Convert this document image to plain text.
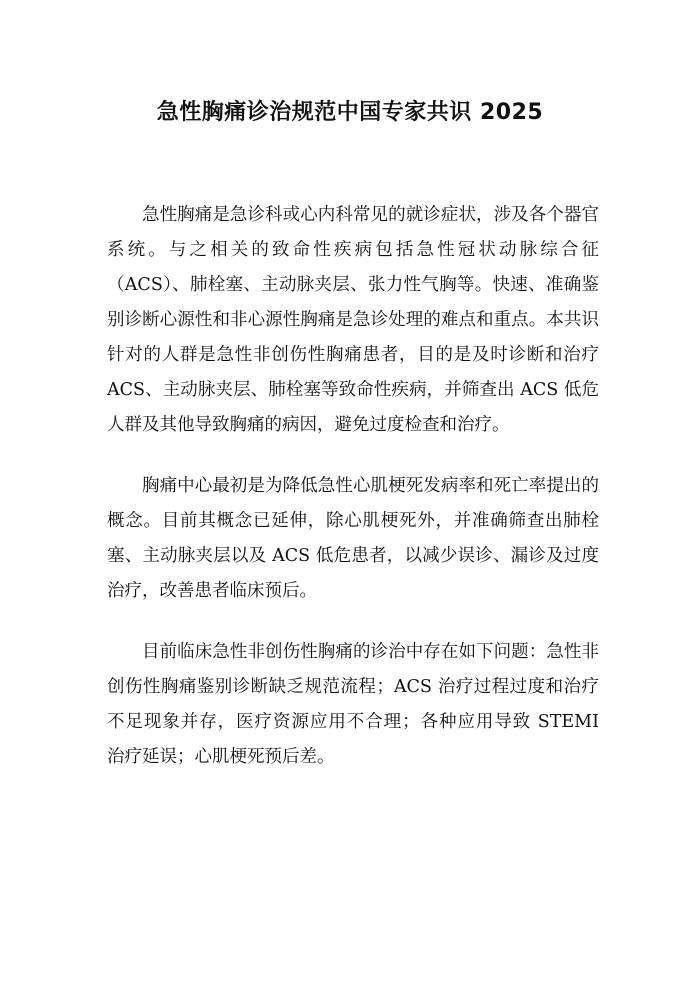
急性胸痛诊治规范中国专家共识 2025

急性胸痛是急诊科或心内科常见的就诊症状，涉及各个器官系统。与之相关的致命性疾病包括急性冠状动脉综合征（ACS）、肺栓塞、主动脉夹层、张力性气胸等。快速、准确鉴别诊断心源性和非心源性胸痛是急诊处理的难点和重点。本共识针对的人群是急性非创伤性胸痛患者，目的是及时诊断和治疗 ACS、主动脉夹层、肺栓塞等致命性疾病，并筛查出 ACS 低危人群及其他导致胸痛的病因，避免过度检查和治疗。

胸痛中心最初是为降低急性心肌梗死发病率和死亡率提出的概念。目前其概念已延伸，除心肌梗死外，并准确筛查出肺栓塞、主动脉夹层以及 ACS 低危患者，以减少误诊、漏诊及过度治疗，改善患者临床预后。

目前临床急性非创伤性胸痛的诊治中存在如下问题：急性非创伤性胸痛鉴别诊断缺乏规范流程；ACS 治疗过程过度和治疗不足现象并存，医疗资源应用不合理；各种应用导致 STEMI 治疗延误；心肌梗死预后差。
